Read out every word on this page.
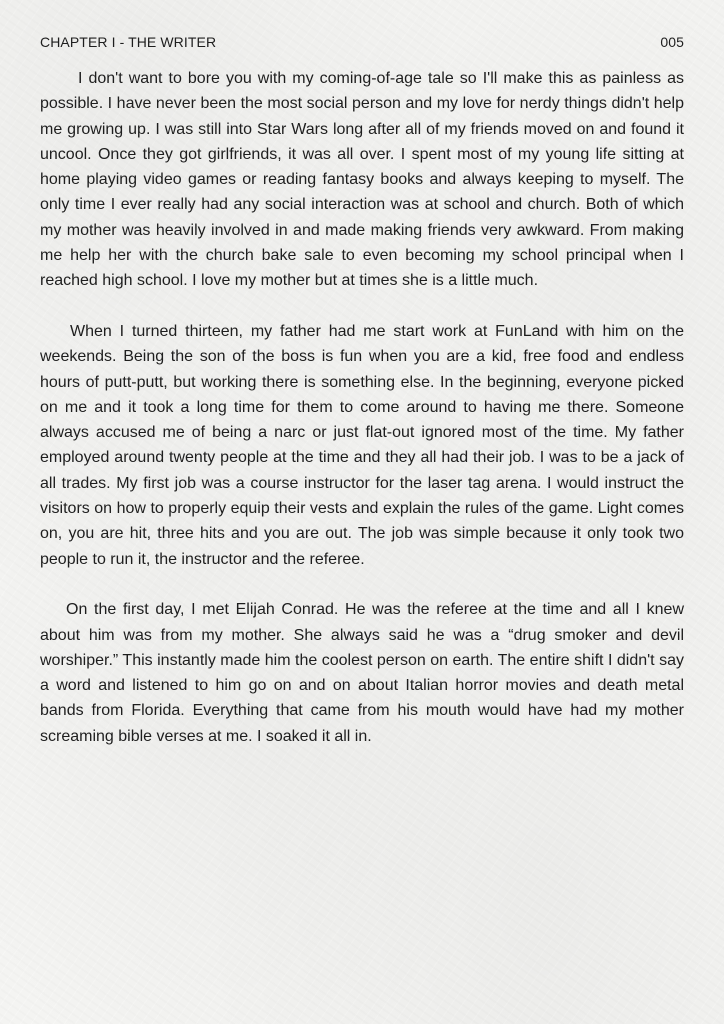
CHAPTER I - THE WRITER	005

I don't want to bore you with my coming-of-age tale so I'll make this as painless as possible. I have never been the most social person and my love for nerdy things didn't help me growing up. I was still into Star Wars long after all of my friends moved on and found it uncool. Once they got girlfriends, it was all over. I spent most of my young life sitting at home playing video games or reading fantasy books and always keeping to myself. The only time I ever really had any social interaction was at school and church. Both of which my mother was heavily involved in and made making friends very awkward. From making me help her with the church bake sale to even becoming my school principal when I reached high school. I love my mother but at times she is a little much.

When I turned thirteen, my father had me start work at FunLand with him on the weekends. Being the son of the boss is fun when you are a kid, free food and endless hours of putt-putt, but working there is something else. In the beginning, everyone picked on me and it took a long time for them to come around to having me there. Someone always accused me of being a narc or just flat-out ignored most of the time. My father employed around twenty people at the time and they all had their job. I was to be a jack of all trades. My first job was a course instructor for the laser tag arena. I would instruct the visitors on how to properly equip their vests and explain the rules of the game. Light comes on, you are hit, three hits and you are out. The job was simple because it only took two people to run it, the instructor and the referee.

On the first day, I met Elijah Conrad. He was the referee at the time and all I knew about him was from my mother. She always said he was a “drug smoker and devil worshiper.” This instantly made him the coolest person on earth. The entire shift I didn't say a word and listened to him go on and on about Italian horror movies and death metal bands from Florida. Everything that came from his mouth would have had my mother screaming bible verses at me. I soaked it all in.
